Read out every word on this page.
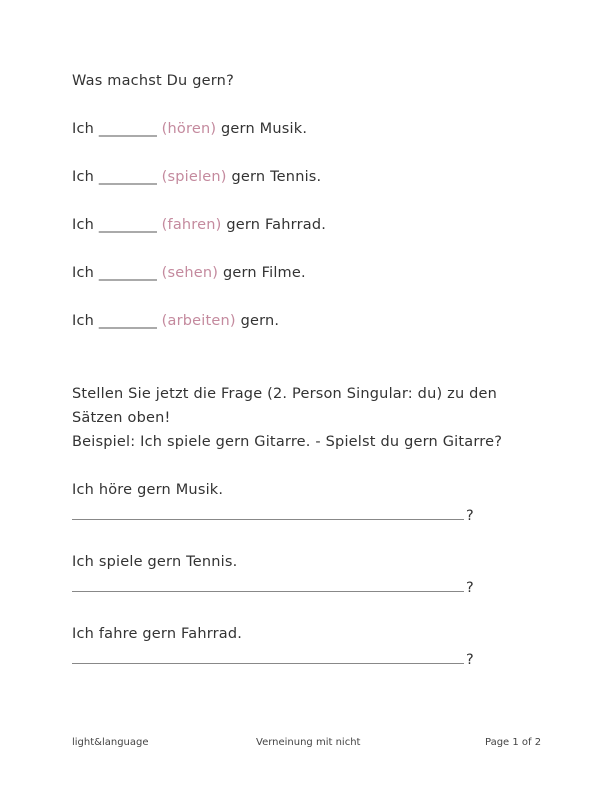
Was machst Du gern?
Ich ________ (hören) gern Musik.
Ich ________ (spielen) gern Tennis.
Ich ________ (fahren) gern Fahrrad.
Ich ________ (sehen) gern Filme.
Ich ________ (arbeiten) gern.
Stellen Sie jetzt die Frage (2. Person Singular: du) zu den
Sätzen oben!
Beispiel: Ich spiele gern Gitarre. - Spielst du gern Gitarre?
Ich höre gern Musik.
?
Ich spiele gern Tennis.
?
Ich fahre gern Fahrrad.
?
light&language	Verneinung mit nicht	Page 1 of 2
